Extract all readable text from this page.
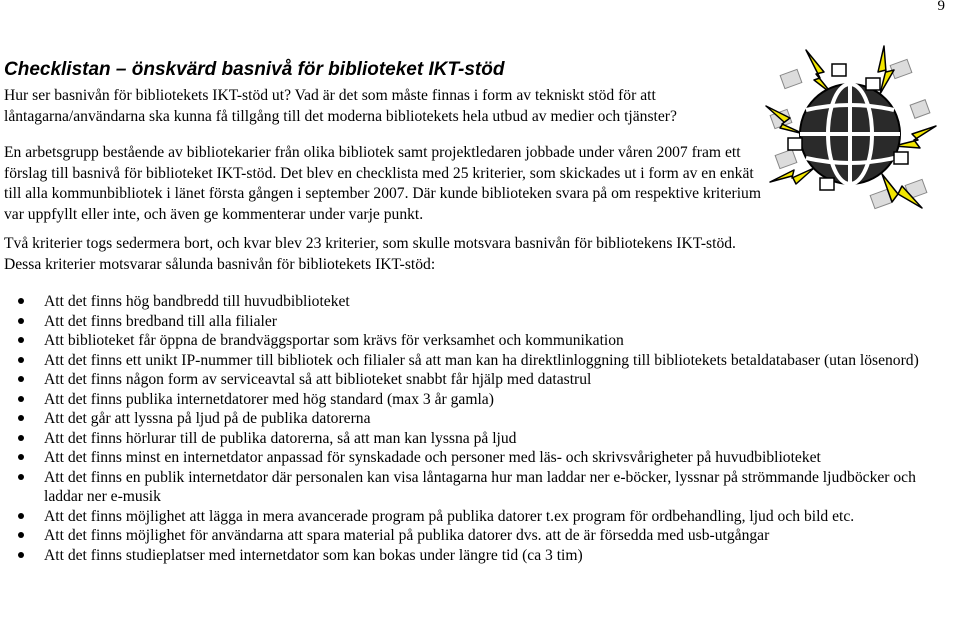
9
Checklistan – önskvärd basnivå för biblioteket IKT-stöd

Hur ser basnivån för bibliotekets IKT-stöd ut? Vad är det som måste finnas i form av tekniskt stöd för att låntagarna/användarna ska kunna få tillgång till det moderna bibliotekets hela utbud av medier och tjänster?

En arbetsgrupp bestående av bibliotekarier från olika bibliotek samt projektledaren jobbade under våren 2007 fram ett förslag till basnivå för biblioteket IKT-stöd. Det blev en checklista med 25 kriterier, som skickades ut i form av en enkät till alla kommunbibliotek i länet första gången i september 2007. Där kunde biblioteken svara på om respektive kriterium var uppfyllt eller inte, och även ge kommenterar under varje punkt.

Två kriterier togs sedermera bort, och kvar blev 23 kriterier, som skulle motsvara basnivån för bibliotekens IKT-stöd. Dessa kriterier motsvarar sålunda basnivån för bibliotekets IKT-stöd:

Att det finns hög bandbredd till huvudbiblioteket
Att det finns bredband till alla filialer
Att biblioteket får öppna de brandväggsportar som krävs för verksamhet och kommunikation
Att det finns ett unikt IP-nummer till bibliotek och filialer så att man kan ha direktlinloggning till bibliotekets betaldatabaser (utan lösenord)
Att det finns någon form av serviceavtal så att biblioteket snabbt får hjälp med datastrul
Att det finns publika internetdatorer med hög standard (max 3 år gamla)
Att det går att lyssna på ljud på de publika datorerna
Att det finns hörlurar till de publika datorerna, så att man kan lyssna på ljud
Att det finns minst en internetdator anpassad för synskadade och personer med läs- och skrivsvårigheter på huvudbiblioteket
Att det finns en publik internetdator där personalen kan visa låntagarna hur man laddar ner e-böcker, lyssnar på strömmande ljudböcker och laddar ner e-musik
Att det finns möjlighet att lägga in mera avancerade program på publika datorer t.ex program för ordbehandling, ljud och bild etc.
Att det finns möjlighet för användarna att spara material på publika datorer dvs. att de är försedda med usb-utgångar
Att det finns studieplatser med internetdator som kan bokas under längre tid (ca 3 tim)
